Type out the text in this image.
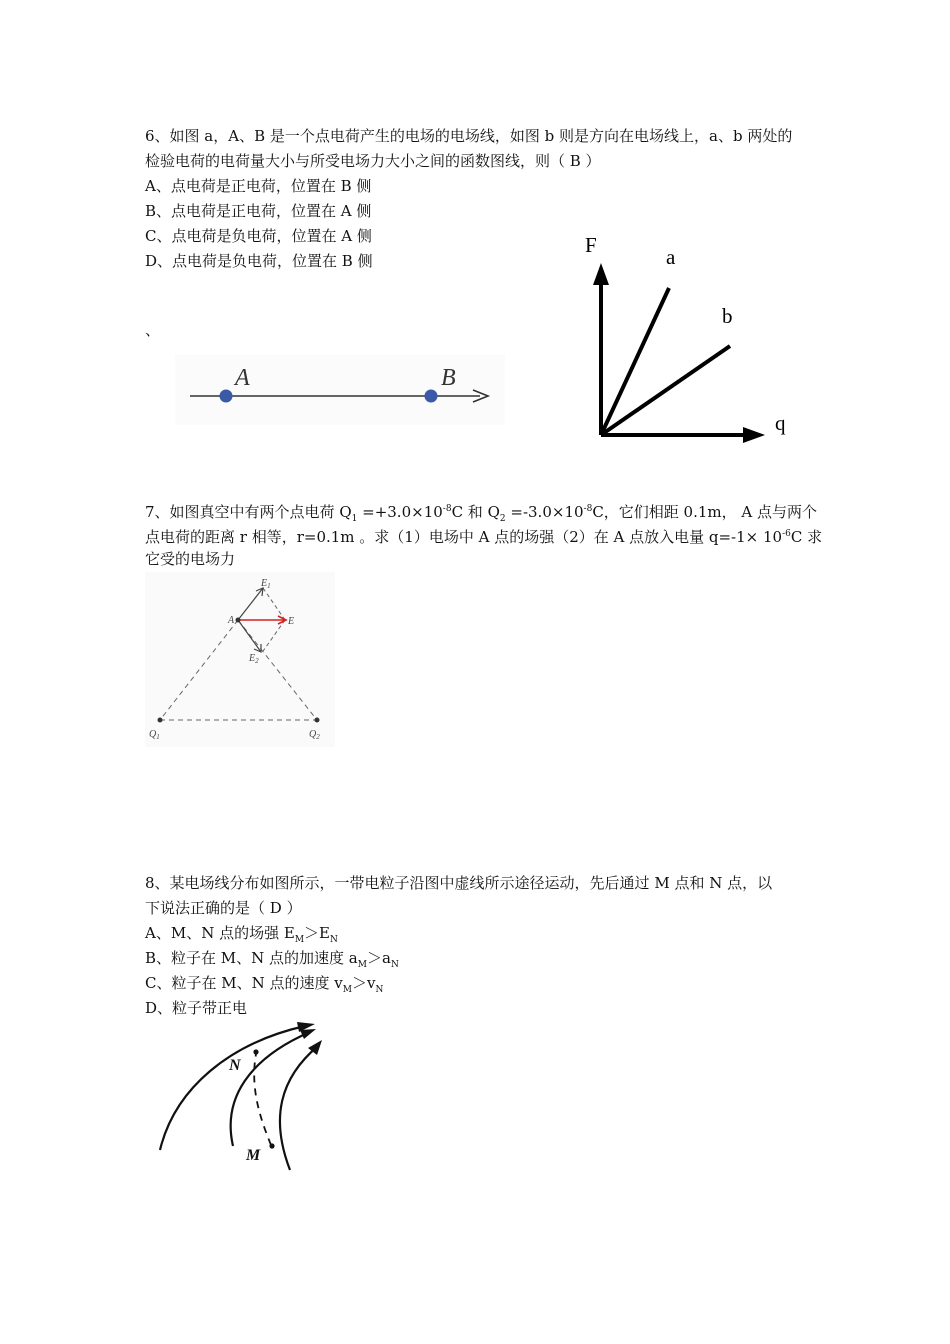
6、如图 a，A、B 是一个点电荷产生的电场的电场线，如图 b 则是方向在电场线上，a、b 两处的
检验电荷的电荷量大小与所受电场力大小之间的函数图线，则（ B ）
A、点电荷是正电荷，位置在 B 侧
B、点电荷是正电荷，位置在 A 侧
C、点电荷是负电荷，位置在 A 侧
D、点电荷是负电荷，位置在 B 侧
、
A	B
F
q
a
b
7、如图真空中有两个点电荷 $Q_1 =+3.0\times 10^{-8}C$ 和 $Q_2 =-3.0\times 10^{-8}C$，它们相距 0.1m， A 点与两个
点电荷的距离 r 相等，r=0.1m 。求（1）电场中 A 点的场强（2）在 A 点放入电量 $q=-1\times 10^{-6}C$ 求
它受的电场力
$E_1$
$E_2$
E
A
$Q_1$	$Q_2$
8、某电场线分布如图所示，一带电粒子沿图中虚线所示途径运动，先后通过 M 点和 N 点，以
下说法正确的是（ D ）
A、M、N 点的场强 $E_M>E_N$
B、粒子在 M、N 点的加速度 $a_M>a_N$
C、粒子在 M、N 点的速度 $v_M>v_N$
D、粒子带正电
N
M
